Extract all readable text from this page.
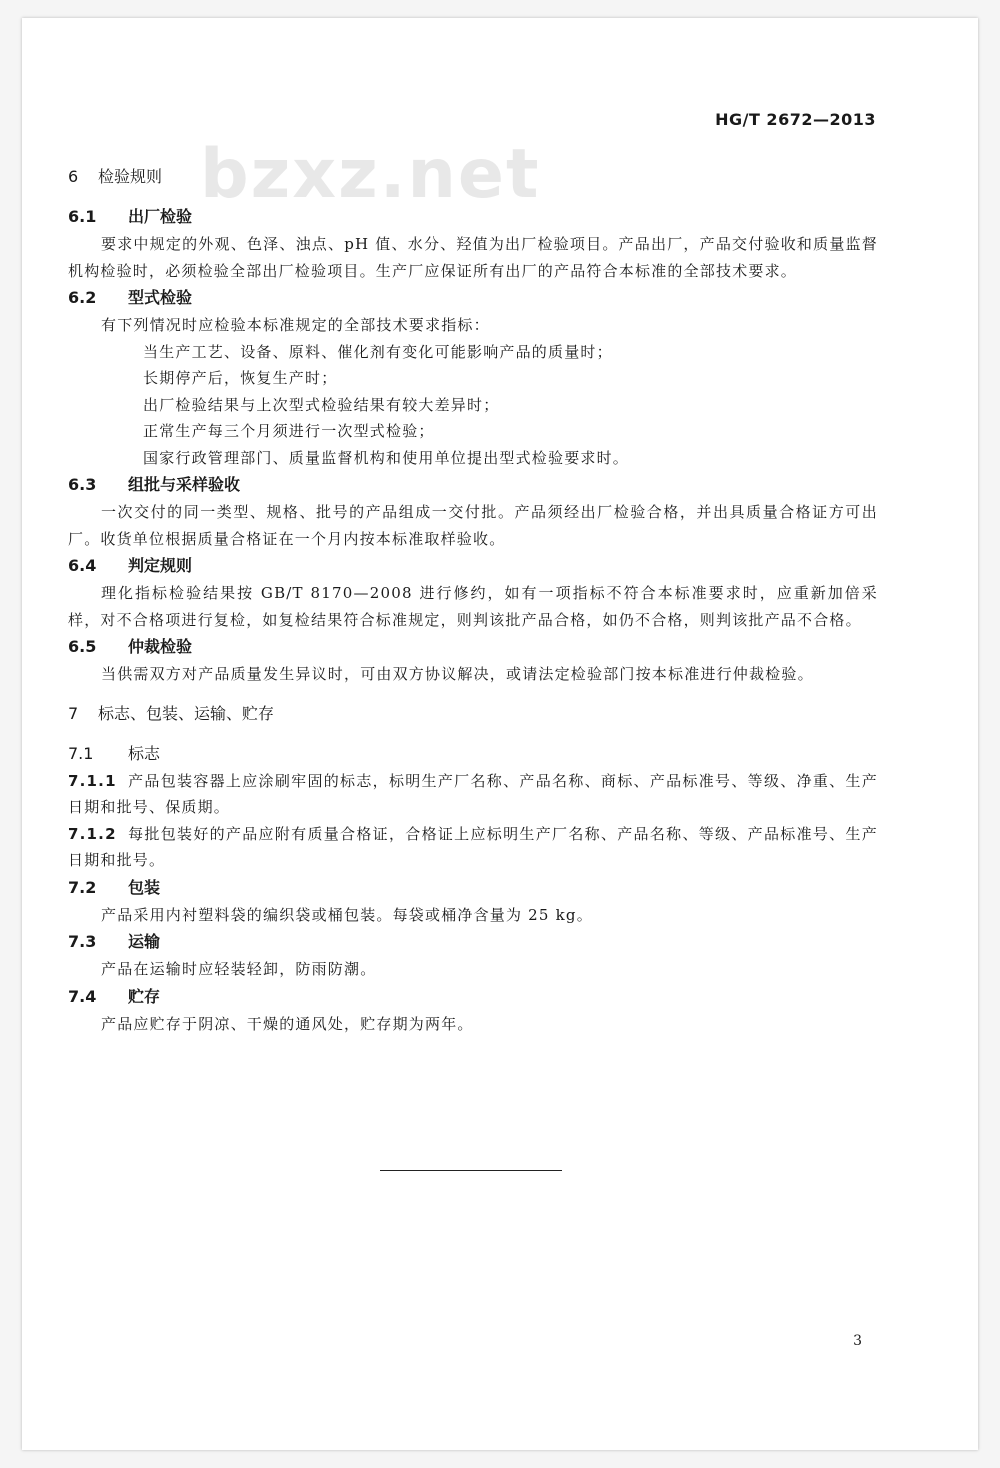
HG/T 2672—2013
bzxz.net
6 检验规则
6.1 出厂检验

要求中规定的外观、色泽、浊点、pH 值、水分、羟值为出厂检验项目。产品出厂，产品交付验收和质量监督机构检验时，必须检验全部出厂检验项目。生产厂应保证所有出厂的产品符合本标准的全部技术要求。

6.2 型式检验

有下列情况时应检验本标准规定的全部技术要求指标：

当生产工艺、设备、原料、催化剂有变化可能影响产品的质量时；

长期停产后，恢复生产时；

出厂检验结果与上次型式检验结果有较大差异时；

正常生产每三个月须进行一次型式检验；

国家行政管理部门、质量监督机构和使用单位提出型式检验要求时。

6.3 组批与采样验收

一次交付的同一类型、规格、批号的产品组成一交付批。产品须经出厂检验合格，并出具质量合格证方可出厂。收货单位根据质量合格证在一个月内按本标准取样验收。

6.4 判定规则

理化指标检验结果按 GB/T 8170—2008 进行修约，如有一项指标不符合本标准要求时，应重新加倍采样，对不合格项进行复检，如复检结果符合标准规定，则判该批产品合格，如仍不合格，则判该批产品不合格。

6.5 仲裁检验

当供需双方对产品质量发生异议时，可由双方协议解决，或请法定检验部门按本标准进行仲裁检验。

7 标志、包装、运输、贮存
7.1 标志

7.1.1 产品包装容器上应涂刷牢固的标志，标明生产厂名称、产品名称、商标、产品标准号、等级、净重、生产日期和批号、保质期。

7.1.2 每批包装好的产品应附有质量合格证，合格证上应标明生产厂名称、产品名称、等级、产品标准号、生产日期和批号。

7.2 包装

产品采用内衬塑料袋的编织袋或桶包装。每袋或桶净含量为 25 kg。

7.3 运输

产品在运输时应轻装轻卸，防雨防潮。

7.4 贮存

产品应贮存于阴凉、干燥的通风处，贮存期为两年。

3
